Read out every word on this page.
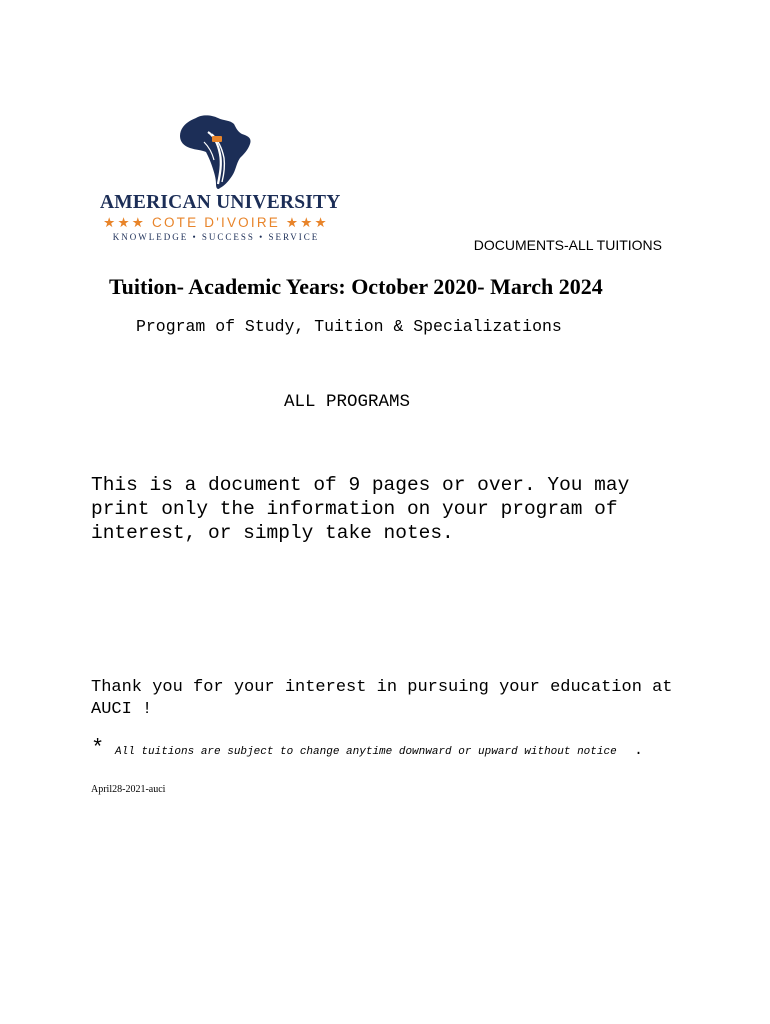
AMERICAN UNIVERSITY
★★★ COTE D'IVOIRE ★★★
KNOWLEDGE • SUCCESS • SERVICE	DOCUMENTS-ALL TUITIONS
Tuition- Academic Years: October 2020- March 2024
Program of Study, Tuition & Specializations
ALL PROGRAMS
This is a document of 9 pages or over. You may print only the information on your program of interest, or simply take notes.
Thank you for your interest in pursuing your education at AUCI !
* All tuitions are subject to change anytime downward or upward without notice .
April28-2021-auci
